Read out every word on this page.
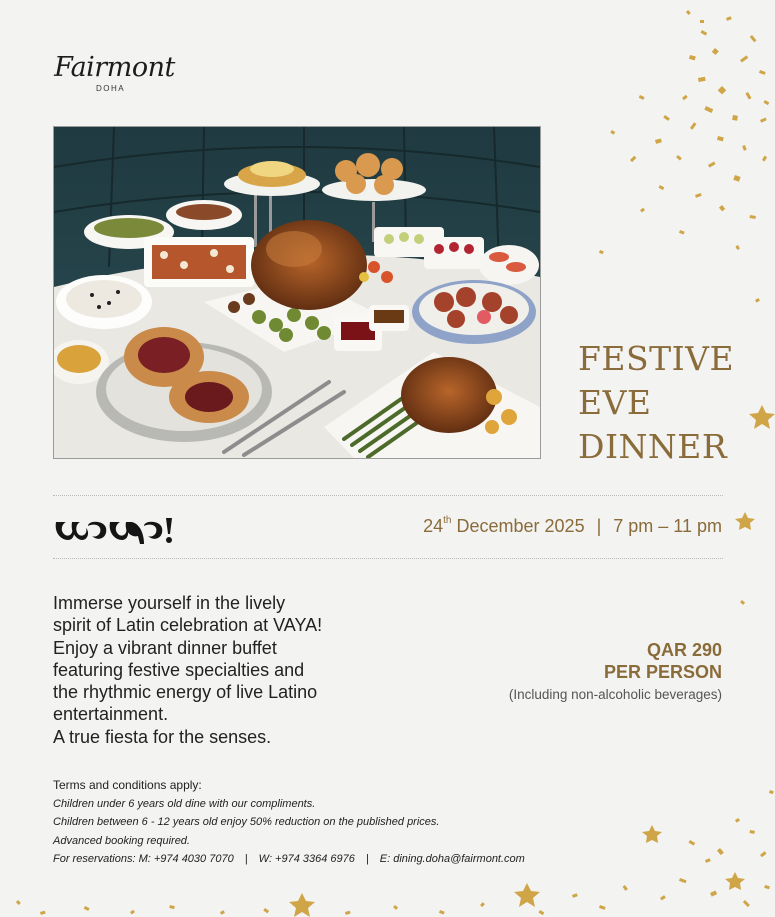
Fairmont
DOHA
FESTIVE
EVE
DINNER
VAYA!
24th December 2025 | 7 pm – 11 pm
Immerse yourself in the lively
spirit of Latin celebration at VAYA!
Enjoy a vibrant dinner buffet
featuring festive specialties and
the rhythmic energy of live Latino
entertainment.
A true fiesta for the senses.
QAR 290
PER PERSON
(Including non-alcoholic beverages)
Terms and conditions apply:
Children under 6 years old dine with our compliments.
Children between 6 - 12 years old enjoy 50% reduction on the published prices.
Advanced booking required.
For reservations: M: +974 4030 7070 | W: +974 3364 6976 | E: dining.doha@fairmont.com
